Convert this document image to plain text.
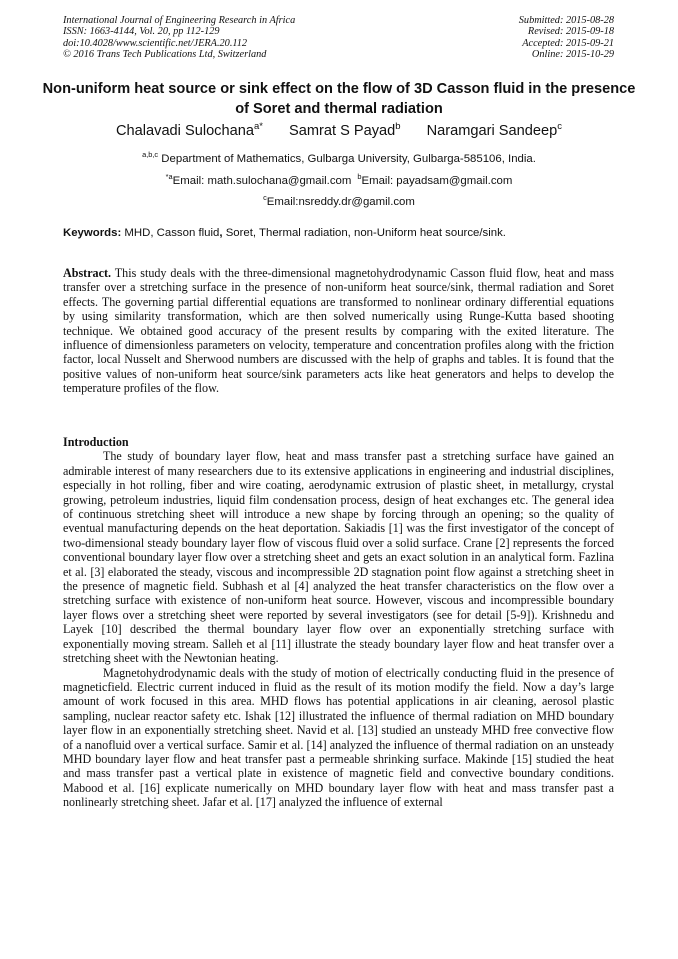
International Journal of Engineering Research in Africa
ISSN: 1663-4144, Vol. 20, pp 112-129
doi:10.4028/www.scientific.net/JERA.20.112
© 2016 Trans Tech Publications Ltd, Switzerland
Submitted: 2015-08-28
Revised: 2015-09-18
Accepted: 2015-09-21
Online: 2015-10-29
Non-uniform heat source or sink effect on the flow of 3D Casson fluid in the presence of Soret and thermal radiation
Chalavadi Sulochana$^{a*}$ Samrat S Payad$^b$ Naramgari Sandeep$^c$
$^{a,b,c}$ Department of Mathematics, Gulbarga University, Gulbarga-585106, India.
$^{*a}$Email: math.sulochana@gmail.com $^b$Email: payadsam@gmail.com
$^c$Email:nsreddy.dr@gamil.com
Keywords: MHD, Casson fluid, Soret, Thermal radiation, non-Uniform heat source/sink.

Abstract. This study deals with the three-dimensional magnetohydrodynamic Casson fluid flow, heat and mass transfer over a stretching surface in the presence of non-uniform heat source/sink, thermal radiation and Soret effects. The governing partial differential equations are transformed to nonlinear ordinary differential equations by using similarity transformation, which are then solved numerically using Runge-Kutta based shooting technique. We obtained good accuracy of the present results by comparing with the exited literature. The influence of dimensionless parameters on velocity, temperature and concentration profiles along with the friction factor, local Nusselt and Sherwood numbers are discussed with the help of graphs and tables. It is found that the positive values of non-uniform heat source/sink parameters acts like heat generators and helps to develop the temperature profiles of the flow.

Introduction

The study of boundary layer flow, heat and mass transfer past a stretching surface have gained an admirable interest of many researchers due to its extensive applications in engineering and industrial disciplines, especially in hot rolling, fiber and wire coating, aerodynamic extrusion of plastic sheet, in metallurgy, crystal growing, petroleum industries, liquid film condensation process, design of heat exchanges etc. The general idea of continuous stretching sheet will introduce a new shape by forcing through an opening; so the quality of eventual manufacturing depends on the heat deportation. Sakiadis [1] was the first investigator of the concept of two-dimensional steady boundary layer flow of viscous fluid over a solid surface. Crane [2] represents the forced conventional boundary layer flow over a stretching sheet and gets an exact solution in an analytical form. Fazlina et al. [3] elaborated the steady, viscous and incompressible 2D stagnation point flow against a stretching sheet in the presence of magnetic field. Subhash et al [4] analyzed the heat transfer characteristics on the flow over a stretching surface with existence of non-uniform heat source. However, viscous and incompressible boundary layer flows over a stretching sheet were reported by several investigators (see for detail [5-9]). Krishnedu and Layek [10] described the thermal boundary layer flow over an exponentially stretching surface with exponentially moving stream. Salleh et al [11] illustrate the steady boundary layer flow and heat transfer over a stretching sheet with the Newtonian heating.

Magnetohydrodynamic deals with the study of motion of electrically conducting fluid in the presence of magneticfield. Electric current induced in fluid as the result of its motion modify the field. Now a day’s large amount of work focused in this area. MHD flows has potential applications in air cleaning, aerosol plastic sampling, nuclear reactor safety etc. Ishak [12] illustrated the influence of thermal radiation on MHD boundary layer flow in an exponentially stretching sheet. Navid et al. [13] studied an unsteady MHD free convective flow of a nanofluid over a vertical surface. Samir et al. [14] analyzed the influence of thermal radiation on an unsteady MHD boundary layer flow and heat transfer past a permeable shrinking surface. Makinde [15] studied the heat and mass transfer past a vertical plate in existence of magnetic field and convective boundary conditions. Mabood et al. [16] explicate numerically on MHD boundary layer flow with heat and mass transfer past a nonlinearly stretching sheet. Jafar et al. [17] analyzed the influence of external
